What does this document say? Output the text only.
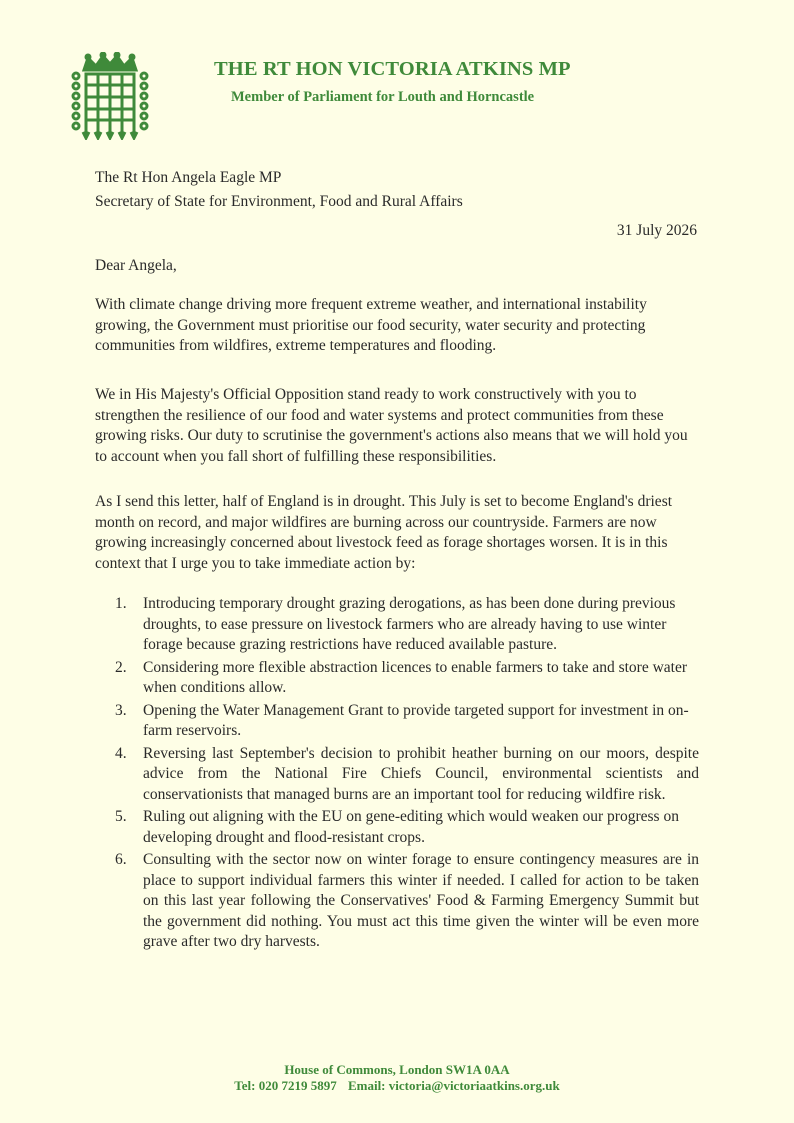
THE RT HON VICTORIA ATKINS MP
Member of Parliament for Louth and Horncastle
The Rt Hon Angela Eagle MP
Secretary of State for Environment, Food and Rural Affairs
31 July 2026
Dear Angela,

With climate change driving more frequent extreme weather, and international instability growing, the Government must prioritise our food security, water security and protecting communities from wildfires, extreme temperatures and flooding.

We in His Majesty's Official Opposition stand ready to work constructively with you to strengthen the resilience of our food and water systems and protect communities from these growing risks. Our duty to scrutinise the government's actions also means that we will hold you to account when you fall short of fulfilling these responsibilities.

As I send this letter, half of England is in drought. This July is set to become England's driest month on record, and major wildfires are burning across our countryside. Farmers are now growing increasingly concerned about livestock feed as forage shortages worsen. It is in this context that I urge you to take immediate action by:

1. Introducing temporary drought grazing derogations, as has been done during previous droughts, to ease pressure on livestock farmers who are already having to use winter forage because grazing restrictions have reduced available pasture.
2. Considering more flexible abstraction licences to enable farmers to take and store water when conditions allow.
3. Opening the Water Management Grant to provide targeted support for investment in on-farm reservoirs.
4. Reversing last September's decision to prohibit heather burning on our moors, despite advice from the National Fire Chiefs Council, environmental scientists and conservationists that managed burns are an important tool for reducing wildfire risk.
5. Ruling out aligning with the EU on gene-editing which would weaken our progress on developing drought and flood-resistant crops.
6. Consulting with the sector now on winter forage to ensure contingency measures are in place to support individual farmers this winter if needed. I called for action to be taken on this last year following the Conservatives' Food & Farming Emergency Summit but the government did nothing. You must act this time given the winter will be even more grave after two dry harvests.
House of Commons, London SW1A 0AA
Tel: 020 7219 5897 Email: victoria@victoriaatkins.org.uk
